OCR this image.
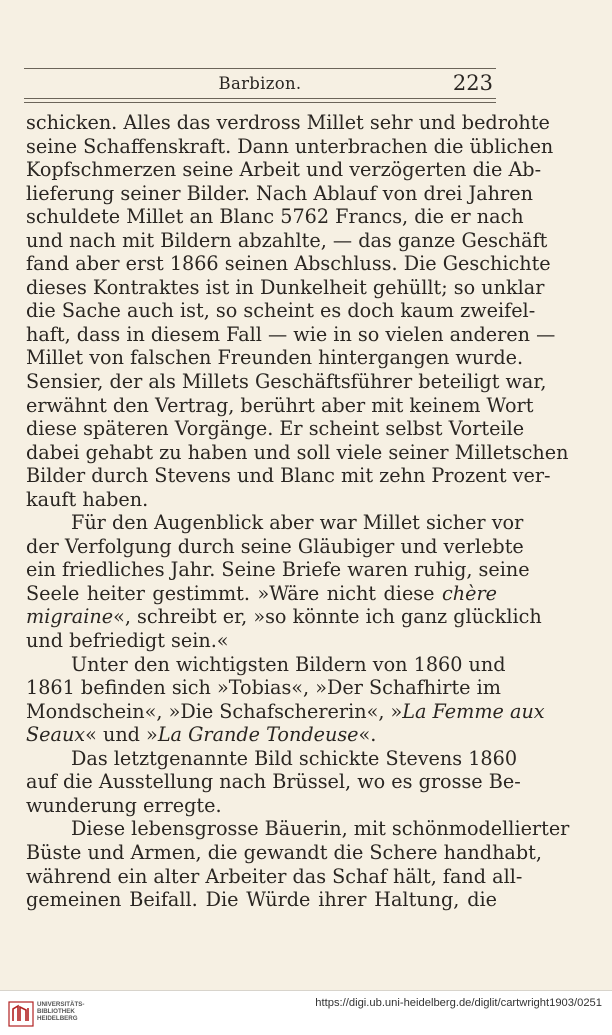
Barbizon.	223
schicken. Alles das verdross Millet sehr und bedrohte
seine Schaffenskraft. Dann unterbrachen die üblichen
Kopfschmerzen seine Arbeit und verzögerten die Ab-
lieferung seiner Bilder. Nach Ablauf von drei Jahren
schuldete Millet an Blanc 5762 Francs, die er nach
und nach mit Bildern abzahlte, — das ganze Geschäft
fand aber erst 1866 seinen Abschluss. Die Geschichte
dieses Kontraktes ist in Dunkelheit gehüllt; so unklar
die Sache auch ist, so scheint es doch kaum zweifel-
haft, dass in diesem Fall — wie in so vielen anderen —
Millet von falschen Freunden hintergangen wurde.
Sensier, der als Millets Geschäftsführer beteiligt war,
erwähnt den Vertrag, berührt aber mit keinem Wort
diese späteren Vorgänge. Er scheint selbst Vorteile
dabei gehabt zu haben und soll viele seiner Milletschen
Bilder durch Stevens und Blanc mit zehn Prozent ver-
kauft haben.
Für den Augenblick aber war Millet sicher vor
der Verfolgung durch seine Gläubiger und verlebte
ein friedliches Jahr. Seine Briefe waren ruhig, seine
Seele heiter gestimmt. »Wäre nicht diese chère
migraine«, schreibt er, »so könnte ich ganz glücklich
und befriedigt sein.«
Unter den wichtigsten Bildern von 1860 und
1861 befinden sich »Tobias«, »Der Schafhirte im
Mondschein«, »Die Schafschererin«, »La Femme aux
Seaux« und »La Grande Tondeuse«.
Das letztgenannte Bild schickte Stevens 1860
auf die Ausstellung nach Brüssel, wo es grosse Be-
wunderung erregte.
Diese lebensgrosse Bäuerin, mit schönmodellierter
Büste und Armen, die gewandt die Schere handhabt,
während ein alter Arbeiter das Schaf hält, fand all-
gemeinen Beifall. Die Würde ihrer Haltung, die
UNIVERSITÄTS-
BIBLIOTHEK
HEIDELBERG
https://digi.ub.uni-heidelberg.de/diglit/cartwright1903/0251
